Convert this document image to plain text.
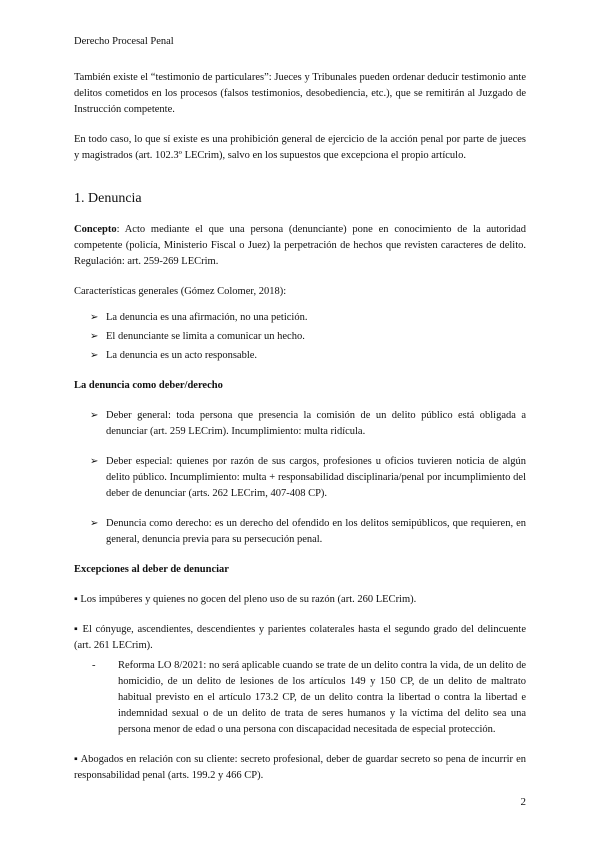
Derecho Procesal Penal

También existe el “testimonio de particulares”: Jueces y Tribunales pueden ordenar deducir testimonio ante delitos cometidos en los procesos (falsos testimonios, desobediencia, etc.), que se remitirán al Juzgado de Instrucción competente.

En todo caso, lo que sí existe es una prohibición general de ejercicio de la acción penal por parte de jueces y magistrados (art. 102.3º LECrim), salvo en los supuestos que excepciona el propio artículo.

1. Denuncia

Concepto: Acto mediante el que una persona (denunciante) pone en conocimiento de la autoridad competente (policía, Ministerio Fiscal o Juez) la perpetración de hechos que revisten caracteres de delito. Regulación: art. 259-269 LECrim.

Características generales (Gómez Colomer, 2018):

➢ La denuncia es una afirmación, no una petición.
➢ El denunciante se limita a comunicar un hecho.
➢ La denuncia es un acto responsable.

La denuncia como deber/derecho

➢ Deber general: toda persona que presencia la comisión de un delito público está obligada a denunciar (art. 259 LECrim). Incumplimiento: multa ridícula.
➢ Deber especial: quienes por razón de sus cargos, profesiones u oficios tuvieren noticia de algún delito público. Incumplimiento: multa + responsabilidad disciplinaria/penal por incumplimiento del deber de denunciar (arts. 262 LECrim, 407-408 CP).
➢ Denuncia como derecho: es un derecho del ofendido en los delitos semipúblicos, que requieren, en general, denuncia previa para su persecución penal.

Excepciones al deber de denunciar

▪ Los impúberes y quienes no gocen del pleno uso de su razón (art. 260 LECrim).

▪ El cónyuge, ascendientes, descendientes y parientes colaterales hasta el segundo grado del delincuente (art. 261 LECrim).

- Reforma LO 8/2021: no será aplicable cuando se trate de un delito contra la vida, de un delito de homicidio, de un delito de lesiones de los artículos 149 y 150 CP, de un delito de maltrato habitual previsto en el artículo 173.2 CP, de un delito contra la libertad o contra la libertad e indemnidad sexual o de un delito de trata de seres humanos y la víctima del delito sea una persona menor de edad o una persona con discapacidad necesitada de especial protección.

▪ Abogados en relación con su cliente: secreto profesional, deber de guardar secreto so pena de incurrir en responsabilidad penal (arts. 199.2 y 466 CP).

2
